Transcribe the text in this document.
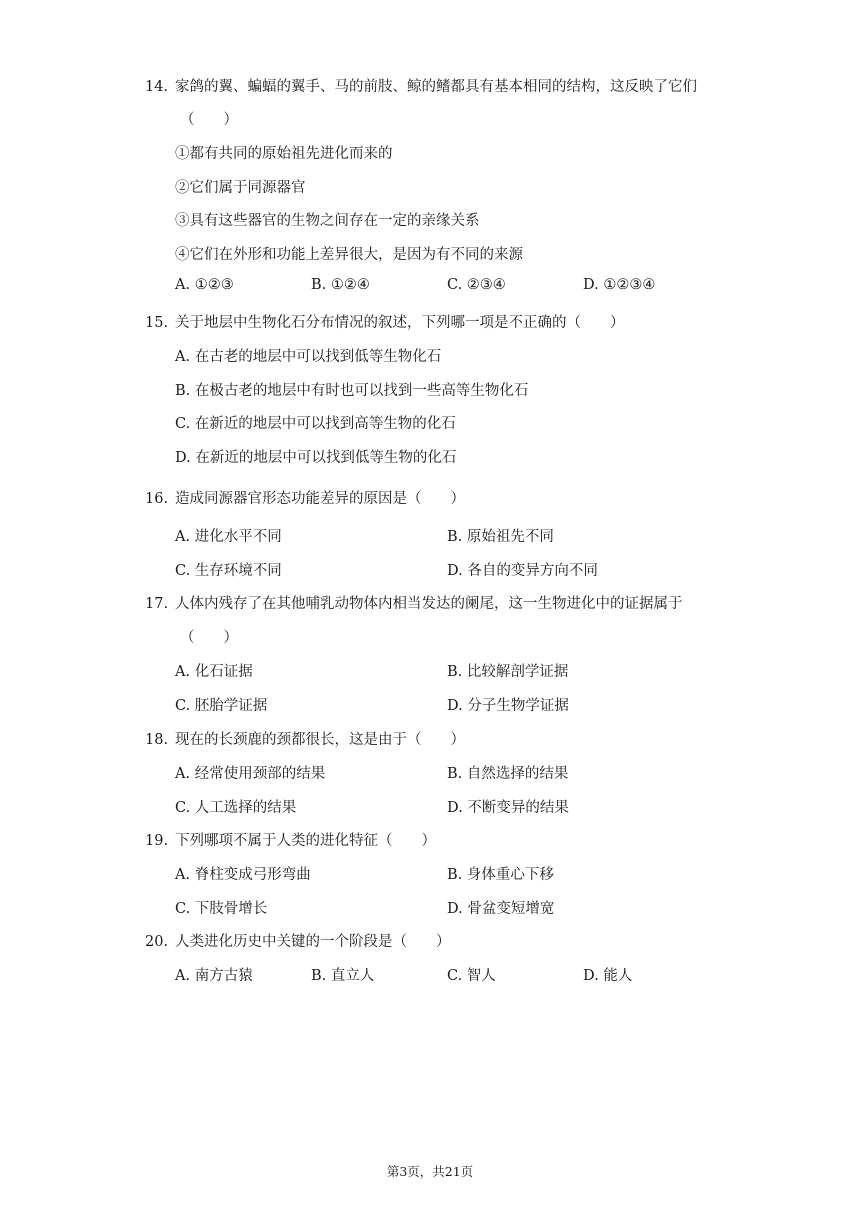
14. 家鸽的翼、蝙蝠的翼手、马的前肢、鲸的鳍都具有基本相同的结构，这反映了它们
（　　）
①都有共同的原始祖先进化而来的
②它们属于同源器官
③具有这些器官的生物之间存在一定的亲缘关系
④它们在外形和功能上差异很大，是因为有不同的来源
A. ①②③	B. ①②④	C. ②③④	D. ①②③④
15. 关于地层中生物化石分布情况的叙述，下列哪一项是不正确的（　　）
A. 在古老的地层中可以找到低等生物化石
B. 在极古老的地层中有时也可以找到一些高等生物化石
C. 在新近的地层中可以找到高等生物的化石
D. 在新近的地层中可以找到低等生物的化石
16. 造成同源器官形态功能差异的原因是（　　）
A. 进化水平不同	B. 原始祖先不同
C. 生存环境不同	D. 各自的变异方向不同
17. 人体内残存了在其他哺乳动物体内相当发达的阑尾，这一生物进化中的证据属于
（　　）
A. 化石证据	B. 比较解剖学证据
C. 胚胎学证据	D. 分子生物学证据
18. 现在的长颈鹿的颈都很长，这是由于（　　）
A. 经常使用颈部的结果	B. 自然选择的结果
C. 人工选择的结果	D. 不断变异的结果
19. 下列哪项不属于人类的进化特征（　　）
A. 脊柱变成弓形弯曲	B. 身体重心下移
C. 下肢骨增长	D. 骨盆变短增宽
20. 人类进化历史中关键的一个阶段是（　　）
A. 南方古猿	B. 直立人	C. 智人	D. 能人
第3页，共21页
